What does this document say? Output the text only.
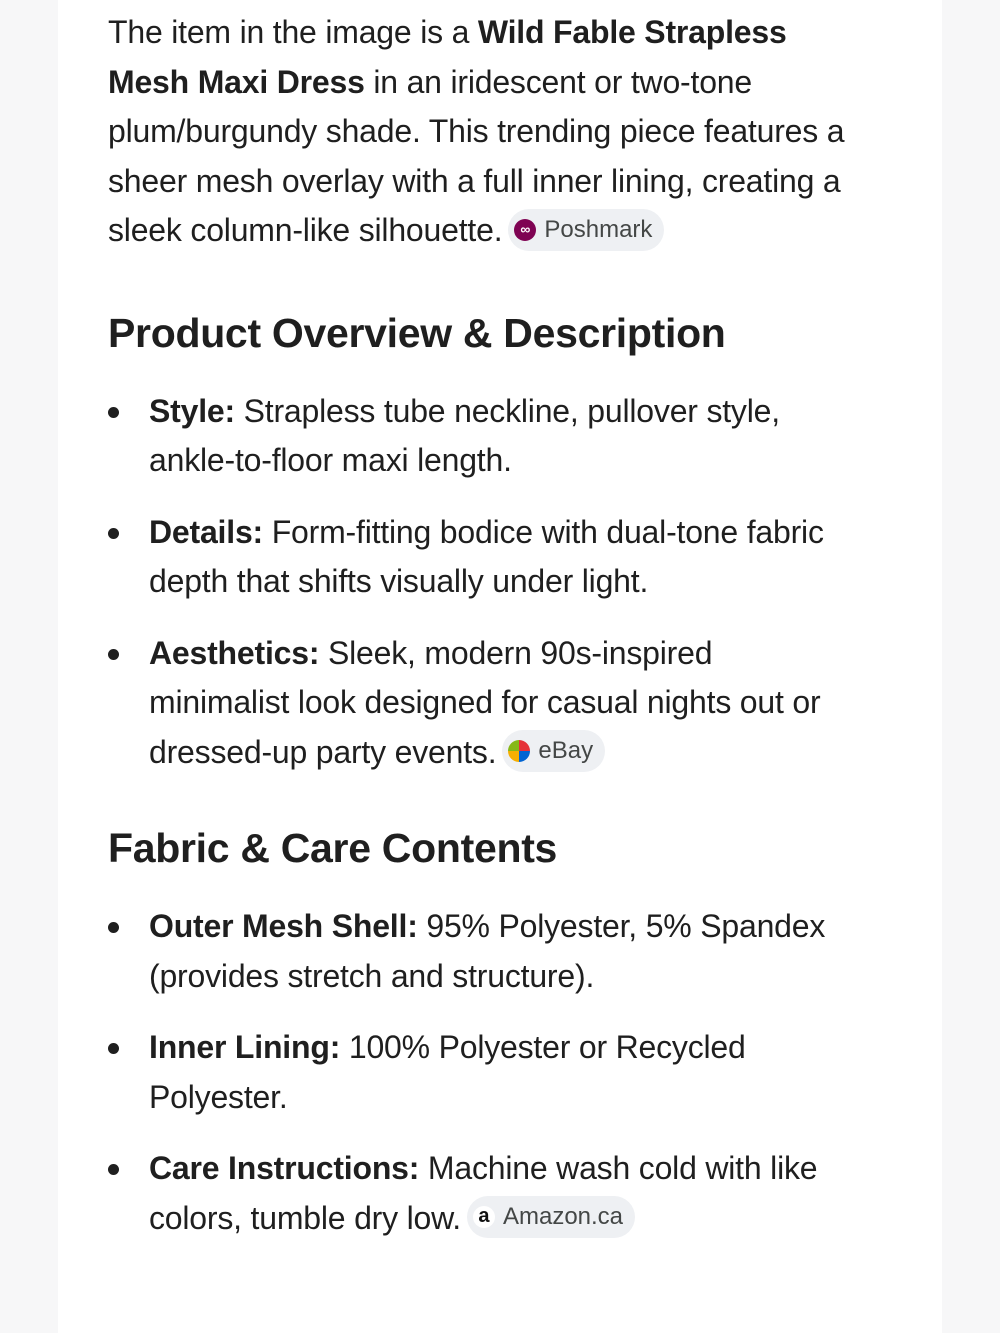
The item in the image is a Wild Fable Strapless Mesh Maxi Dress in an iridescent or two-tone plum/burgundy shade. This trending piece features a sheer mesh overlay with a full inner lining, creating a sleek column-like silhouette.	∞ Poshmark

Product Overview & Description
Style: Strapless tube neckline, pullover style, ankle-to-floor maxi length.
Details: Form-fitting bodice with dual-tone fabric depth that shifts visually under light.
Aesthetics: Sleek, modern 90s-inspired minimalist look designed for casual nights out or dressed-up party events. eBay
Fabric & Care Contents
Outer Mesh Shell: 95% Polyester, 5% Spandex (provides stretch and structure).
Inner Lining: 100% Polyester or Recycled Polyester.
Care Instructions: Machine wash cold with like colors, tumble dry low. a Amazon.ca
